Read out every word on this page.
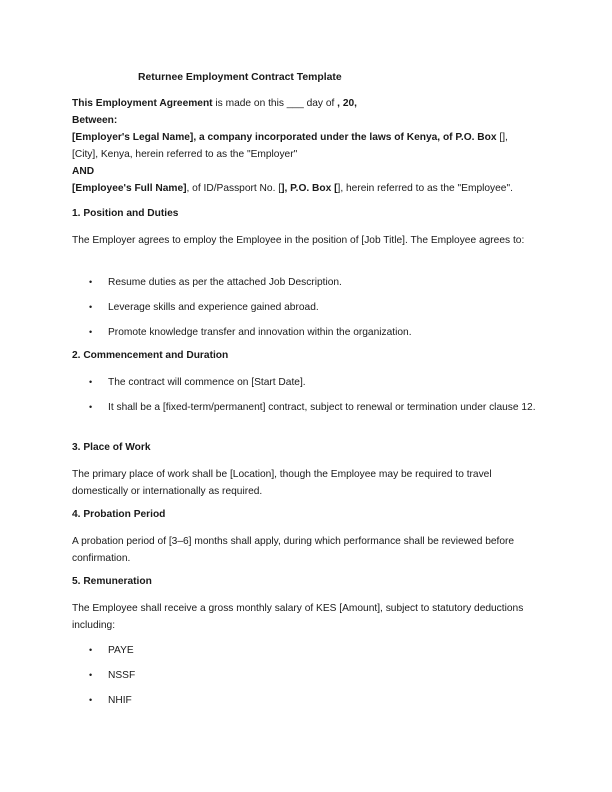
Returnee Employment Contract Template
This Employment Agreement is made on this ___ day of , 20,
Between:
[Employer's Legal Name], a company incorporated under the laws of Kenya, of P.O. Box [],
[City], Kenya, herein referred to as the "Employer"
AND
[Employee's Full Name], of ID/Passport No. [], P.O. Box [], herein referred to as the "Employee".
1. Position and Duties
The Employer agrees to employ the Employee in the position of [Job Title]. The Employee agrees to:
• Resume duties as per the attached Job Description.
• Leverage skills and experience gained abroad.
• Promote knowledge transfer and innovation within the organization.
2. Commencement and Duration
• The contract will commence on [Start Date].
• It shall be a [fixed-term/permanent] contract, subject to renewal or termination under clause 12.
3. Place of Work
The primary place of work shall be [Location], though the Employee may be required to travel domestically or internationally as required.
4. Probation Period
A probation period of [3–6] months shall apply, during which performance shall be reviewed before confirmation.
5. Remuneration
The Employee shall receive a gross monthly salary of KES [Amount], subject to statutory deductions including:
• PAYE
• NSSF
• NHIF
